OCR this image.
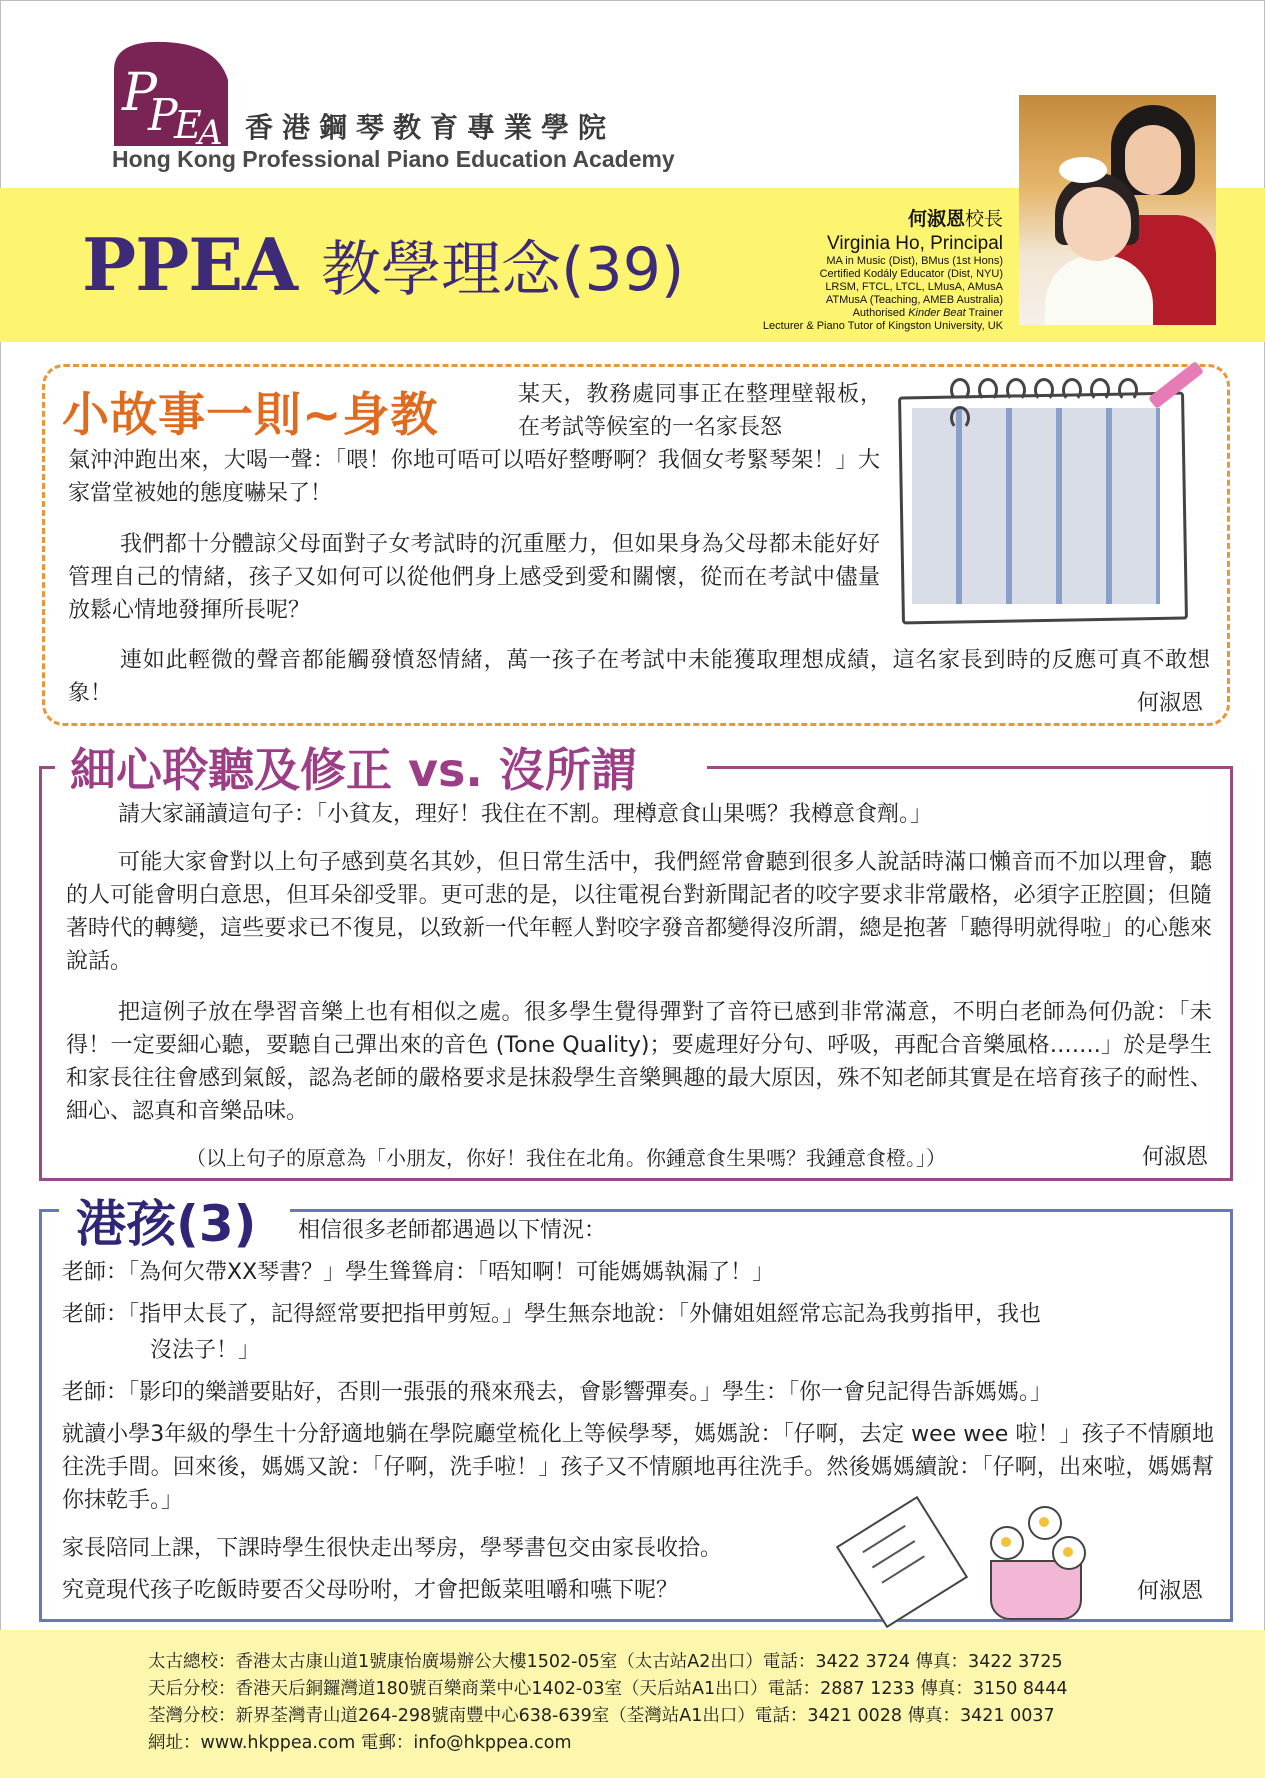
P
P
E
A 香港鋼琴教育專業學院
Hong Kong Professional Piano Education Academy
PPEA 教學理念(39)
何淑恩校長
Virginia Ho, Principal
MA in Music (Dist), BMus (1st Hons)
Certified Kodály Educator (Dist, NYU)
LRSM, FTCL, LTCL, LMusA, AMusA
ATMusA (Teaching, AMEB Australia)
Authorised Kinder Beat Trainer
Lecturer & Piano Tutor of Kingston University, UK
小故事一則~身教	某天，教務處同事正在整理壁報板，在考試等候室的一名家長怒
氣沖沖跑出來，大喝一聲：「喂！你地可唔可以唔好整嘢啊？我個女考緊琴架！」大家當堂被她的態度嚇呆了！
我們都十分體諒父母面對子女考試時的沉重壓力，但如果身為父母都未能好好管理自己的情緒，孩子又如何可以從他們身上感受到愛和關懷，從而在考試中儘量放鬆心情地發揮所長呢？
連如此輕微的聲音都能觸發憤怒情緒，萬一孩子在考試中未能獲取理想成績，這名家長到時的反應可真不敢想象！	何淑恩
細心聆聽及修正 vs. 沒所謂
請大家誦讀這句子：「小貧友，理好！我住在不割。理樽意食山果嗎？我樽意食劑。」
可能大家會對以上句子感到莫名其妙，但日常生活中，我們經常會聽到很多人說話時滿口懶音而不加以理會，聽的人可能會明白意思，但耳朵卻受罪。更可悲的是，以往電視台對新聞記者的咬字要求非常嚴格，必須字正腔圓；但隨著時代的轉變，這些要求已不復見，以致新一代年輕人對咬字發音都變得沒所謂，總是抱著「聽得明就得啦」的心態來說話。
把這例子放在學習音樂上也有相似之處。很多學生覺得彈對了音符已感到非常滿意，不明白老師為何仍說：「未得！一定要細心聽，要聽自己彈出來的音色 (Tone Quality)；要處理好分句、呼吸，再配合音樂風格…….」於是學生和家長往往會感到氣餒，認為老師的嚴格要求是抹殺學生音樂興趣的最大原因，殊不知老師其實是在培育孩子的耐性、細心、認真和音樂品味。
（以上句子的原意為「小朋友，你好！我住在北角。你鍾意食生果嗎？我鍾意食橙。」）	何淑恩
港孩(3)	相信很多老師都遇過以下情況：
老師：「為何欠帶XX琴書？」學生聳聳肩：「唔知啊！可能媽媽執漏了！」
老師：「指甲太長了，記得經常要把指甲剪短。」學生無奈地說：「外傭姐姐經常忘記為我剪指甲，我也
沒法子！」
老師：「影印的樂譜要貼好，否則一張張的飛來飛去，會影響彈奏。」學生：「你一會兒記得告訴媽媽。」
就讀小學3年級的學生十分舒適地躺在學院廳堂梳化上等候學琴，媽媽說：「仔啊，去定 wee wee 啦！」孩子不情願地往洗手間。回來後，媽媽又說：「仔啊，洗手啦！」孩子又不情願地再往洗手。然後媽媽續說：「仔啊，出來啦，媽媽幫你抹乾手。」
家長陪同上課，下課時學生很快走出琴房，學琴書包交由家長收拾。
究竟現代孩子吃飯時要否父母吩咐，才會把飯菜咀嚼和嚥下呢？	何淑恩
太古總校：香港太古康山道1號康怡廣場辦公大樓1502-05室（太古站A2出口）電話：3422 3724 傳真：3422 3725
天后分校：香港天后銅鑼灣道180號百樂商業中心1402-03室（天后站A1出口）電話：2887 1233 傳真：3150 8444
荃灣分校：新界荃灣青山道264-298號南豐中心638-639室（荃灣站A1出口）電話：3421 0028 傳真：3421 0037
網址：www.hkppea.com 電郵：info@hkppea.com
